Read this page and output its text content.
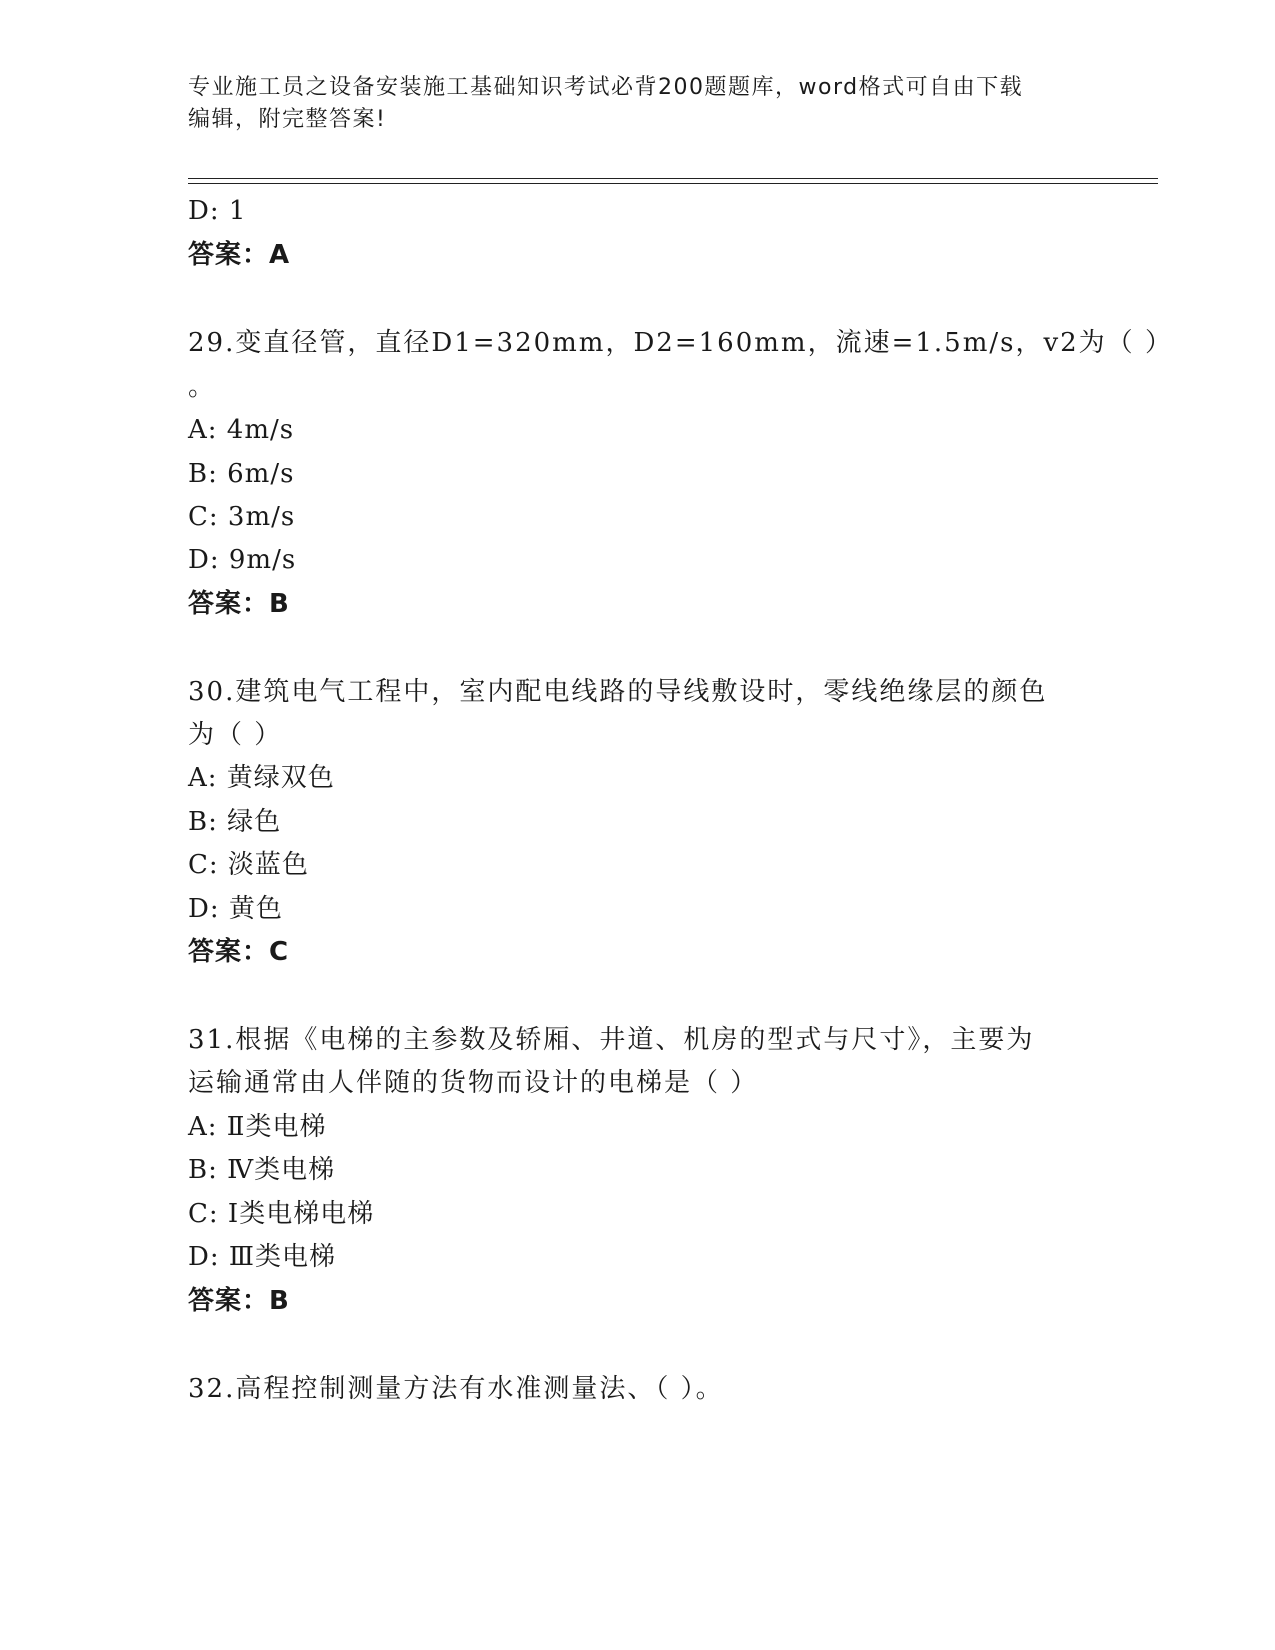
专业施工员之设备安装施工基础知识考试必背200题题库，word格式可自由下载
编辑，附完整答案!
D: 1
答案：A
29.变直径管，直径D1=320mm，D2=160mm，流速=1.5m/s，v2为（ ）
。
A: 4m/s
B: 6m/s
C: 3m/s
D: 9m/s
答案：B
30.建筑电气工程中，室内配电线路的导线敷设时，零线绝缘层的颜色
为（ ）
A: 黄绿双色
B: 绿色
C: 淡蓝色
D: 黄色
答案：C
31.根据《电梯的主参数及轿厢、井道、机房的型式与尺寸》，主要为
运输通常由人伴随的货物而设计的电梯是（ ）
A: Ⅱ类电梯
B: Ⅳ类电梯
C: Ⅰ类电梯电梯
D: Ⅲ类电梯
答案：B
32.高程控制测量方法有水准测量法、（ ）。
